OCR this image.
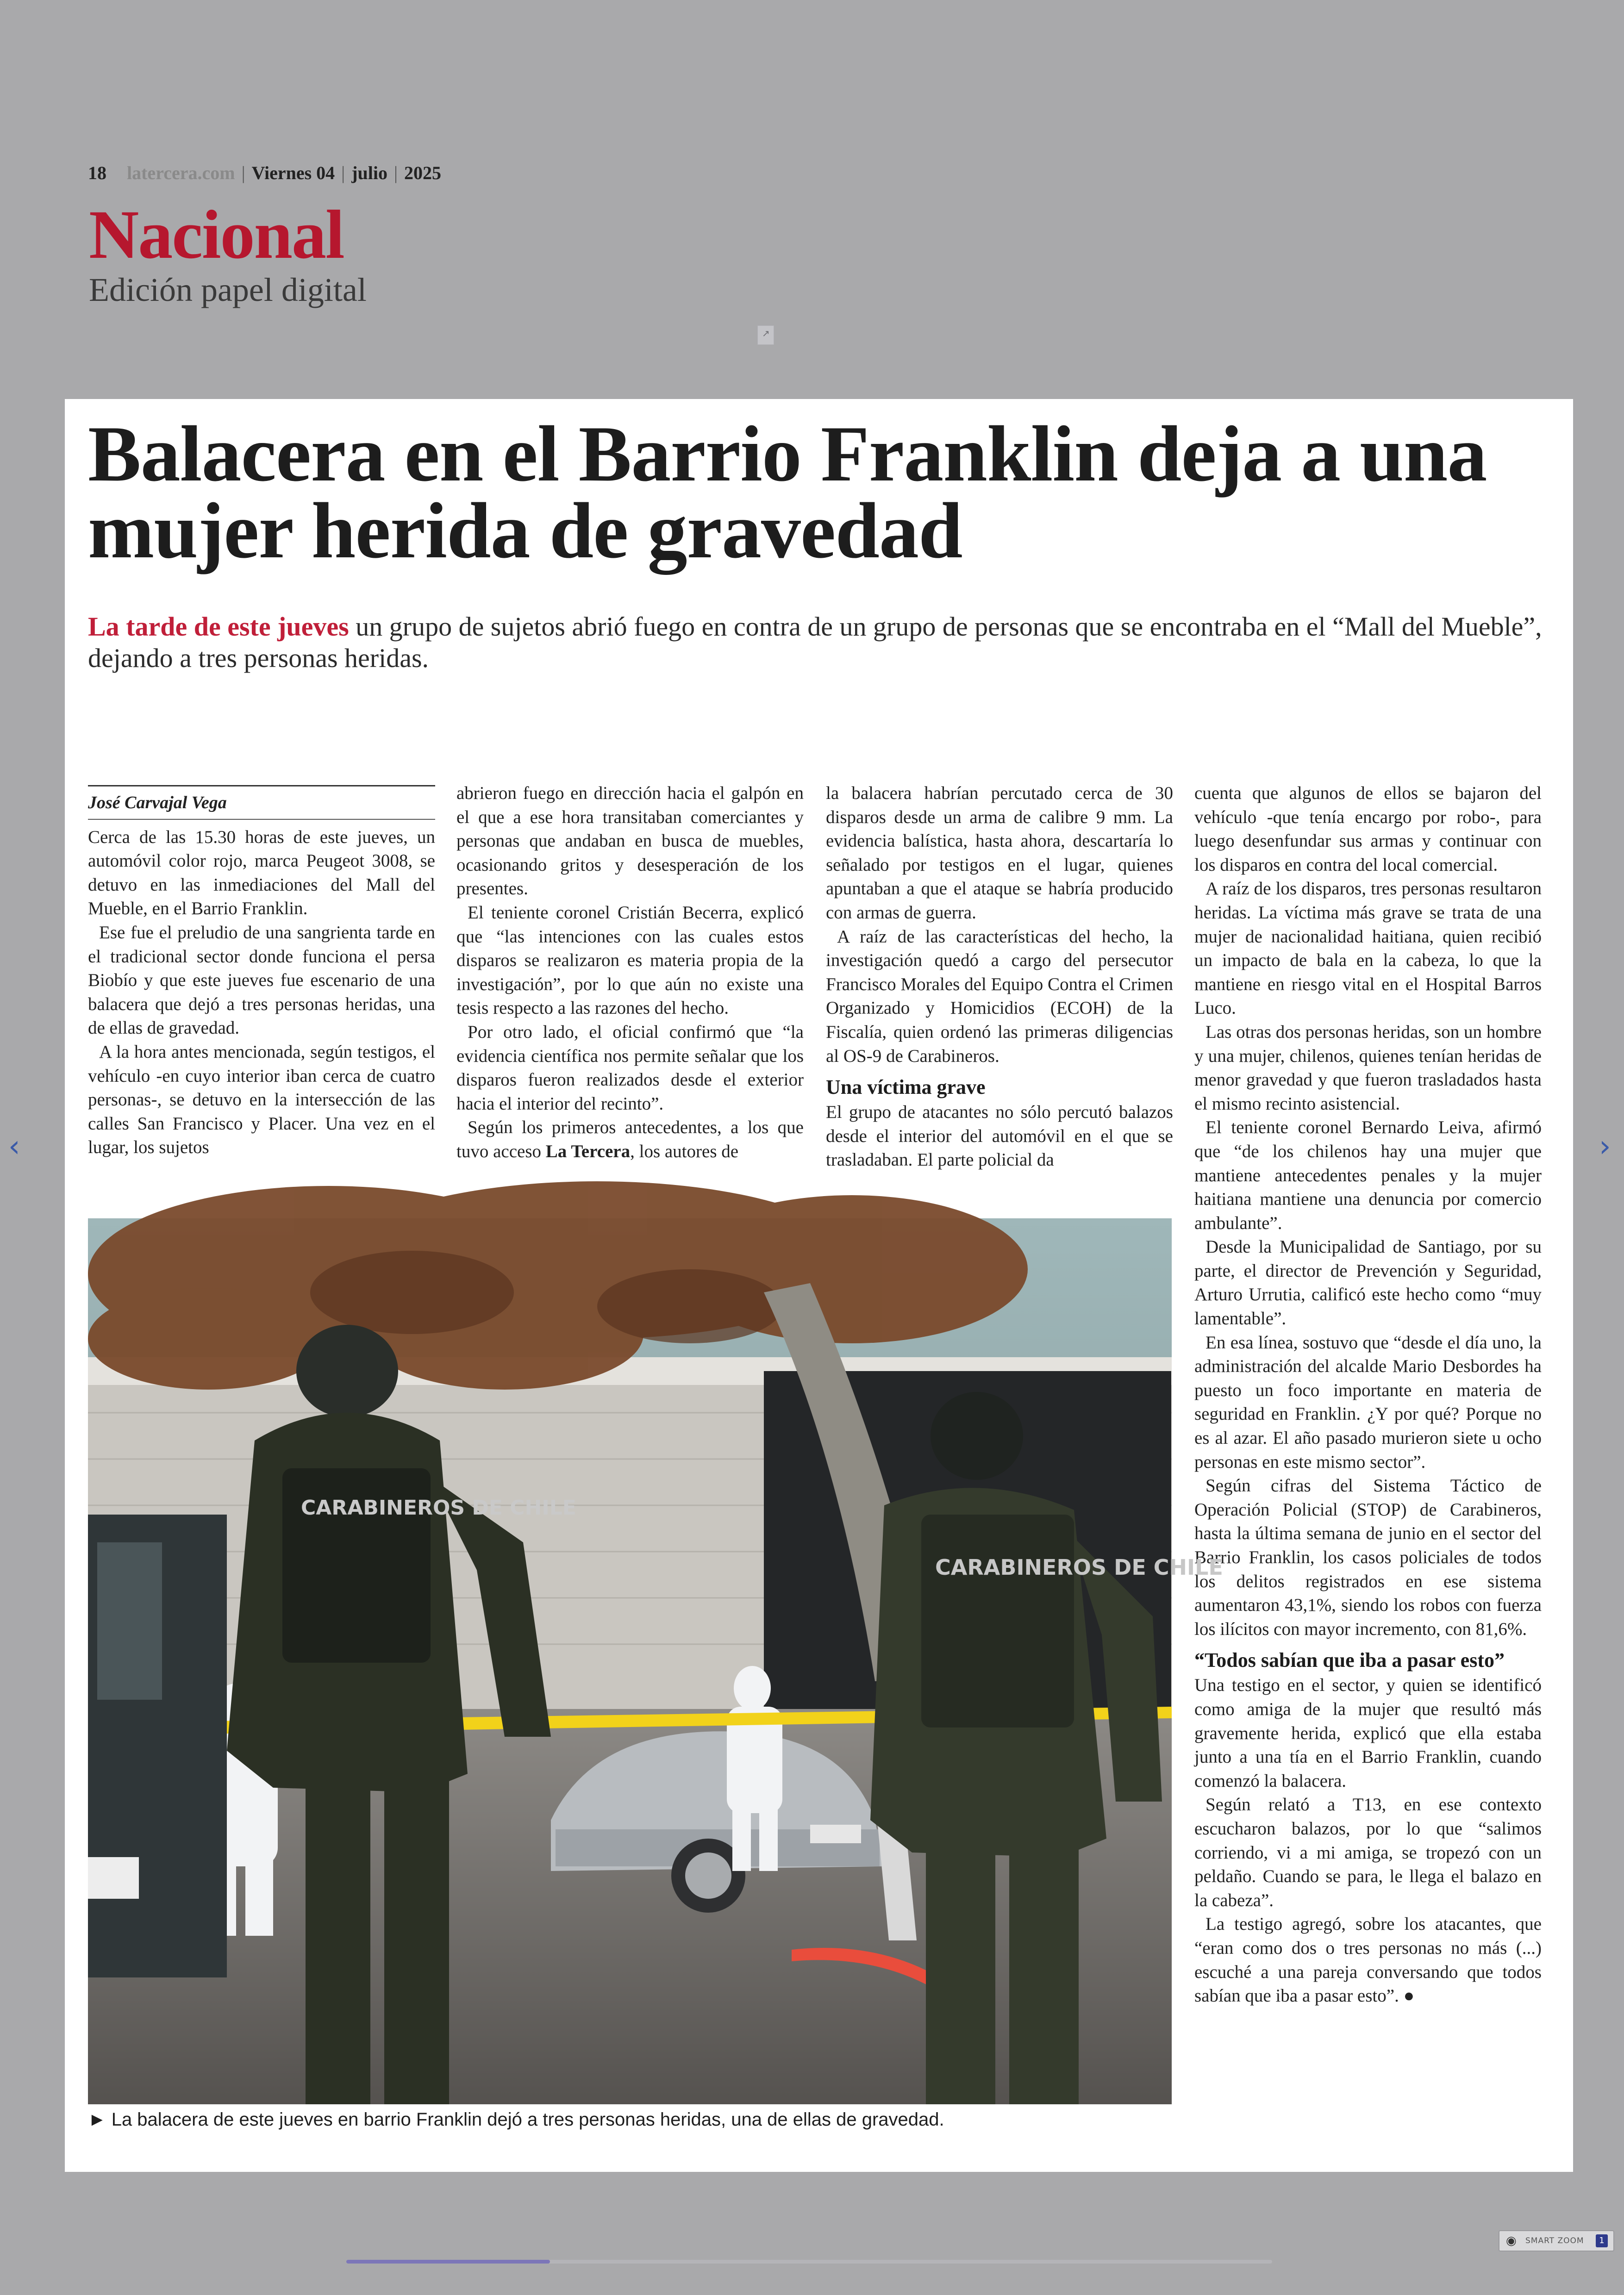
18 latercera.com | Viernes 04 | julio | 2025
Nacional
Edición papel digital
↗
Balacera en el Barrio Franklin deja a una mujer herida de gravedad
La tarde de este jueves un grupo de sujetos abrió fuego en contra de un grupo de personas que se encontraba en el “Mall del Mueble”, dejando a tres personas heridas.
José Carvajal Vega

Cerca de las 15.30 horas de este jueves, un automóvil color rojo, marca Peugeot 3008, se detuvo en las inmediaciones del Mall del Mueble, en el Barrio Franklin.

Ese fue el preludio de una sangrienta tarde en el tradicional sector donde funciona el persa Biobío y que este jueves fue escenario de una balacera que dejó a tres personas heridas, una de ellas de gravedad.

A la hora antes mencionada, según testigos, el vehículo -en cuyo interior iban cerca de cuatro personas-, se detuvo en la intersección de las calles San Francisco y Placer. Una vez en el lugar, los sujetos

abrieron fuego en dirección hacia el galpón en el que a ese hora transitaban comerciantes y personas que andaban en busca de muebles, ocasionando gritos y desesperación de los presentes.

El teniente coronel Cristián Becerra, explicó que “las intenciones con las cuales estos disparos se realizaron es materia propia de la investigación”, por lo que aún no existe una tesis respecto a las razones del hecho.

Por otro lado, el oficial confirmó que “la evidencia científica nos permite señalar que los disparos fueron realizados desde el exterior hacia el interior del recinto”.

Según los primeros antecedentes, a los que tuvo acceso La Tercera, los autores de

la balacera habrían percutado cerca de 30 disparos desde un arma de calibre 9 mm. La evidencia balística, hasta ahora, descartaría lo señalado por testigos en el lugar, quienes apuntaban a que el ataque se habría producido con armas de guerra.

A raíz de las características del hecho, la investigación quedó a cargo del persecutor Francisco Morales del Equipo Contra el Crimen Organizado y Homicidios (ECOH) de la Fiscalía, quien ordenó las primeras diligencias al OS-9 de Carabineros.

Una víctima grave

El grupo de atacantes no sólo percutó balazos desde el interior del automóvil en el que se trasladaban. El parte policial da

cuenta que algunos de ellos se bajaron del vehículo -que tenía encargo por robo-, para luego desenfundar sus armas y continuar con los disparos en contra del local comercial.

A raíz de los disparos, tres personas resultaron heridas. La víctima más grave se trata de una mujer de nacionalidad haitiana, quien recibió un impacto de bala en la cabeza, lo que la mantiene en riesgo vital en el Hospital Barros Luco.

Las otras dos personas heridas, son un hombre y una mujer, chilenos, quienes tenían heridas de menor gravedad y que fueron trasladados hasta el mismo recinto asistencial.

El teniente coronel Bernardo Leiva, afirmó que “de los chilenos hay una mujer que mantiene antecedentes penales y la mujer haitiana mantiene una denuncia por comercio ambulante”.

Desde la Municipalidad de Santiago, por su parte, el director de Prevención y Seguridad, Arturo Urrutia, calificó este hecho como “muy lamentable”.

En esa línea, sostuvo que “desde el día uno, la administración del alcalde Mario Desbordes ha puesto un foco importante en materia de seguridad en Franklin. ¿Y por qué? Porque no es al azar. El año pasado murieron siete u ocho personas en este mismo sector”.

Según cifras del Sistema Táctico de Operación Policial (STOP) de Carabineros, hasta la última semana de junio en el sector del Barrio Franklin, los casos policiales de todos los delitos registrados en ese sistema aumentaron 43,1%, siendo los robos con fuerza los ilícitos con mayor incremento, con 81,6%.

“Todos sabían que iba a pasar esto”

Una testigo en el sector, y quien se identificó como amiga de la mujer que resultó más gravemente herida, explicó que ella estaba junto a una tía en el Barrio Franklin, cuando comenzó la balacera.

Según relató a T13, en ese contexto escucharon balazos, por lo que “salimos corriendo, vi a mi amiga, se tropezó con un peldaño. Cuando se para, le llega el balazo en la cabeza”.

La testigo agregó, sobre los atacantes, que “eran como dos o tres personas no más (...) escuché a una pareja conversando que todos sabían que iba a pasar esto”. ●

CARABINEROS DE CHILE
CARABINEROS DE CHILE
► La balacera de este jueves en barrio Franklin dejó a tres personas heridas, una de ellas de gravedad.
‹	›
◉ SMART ZOOM	1
